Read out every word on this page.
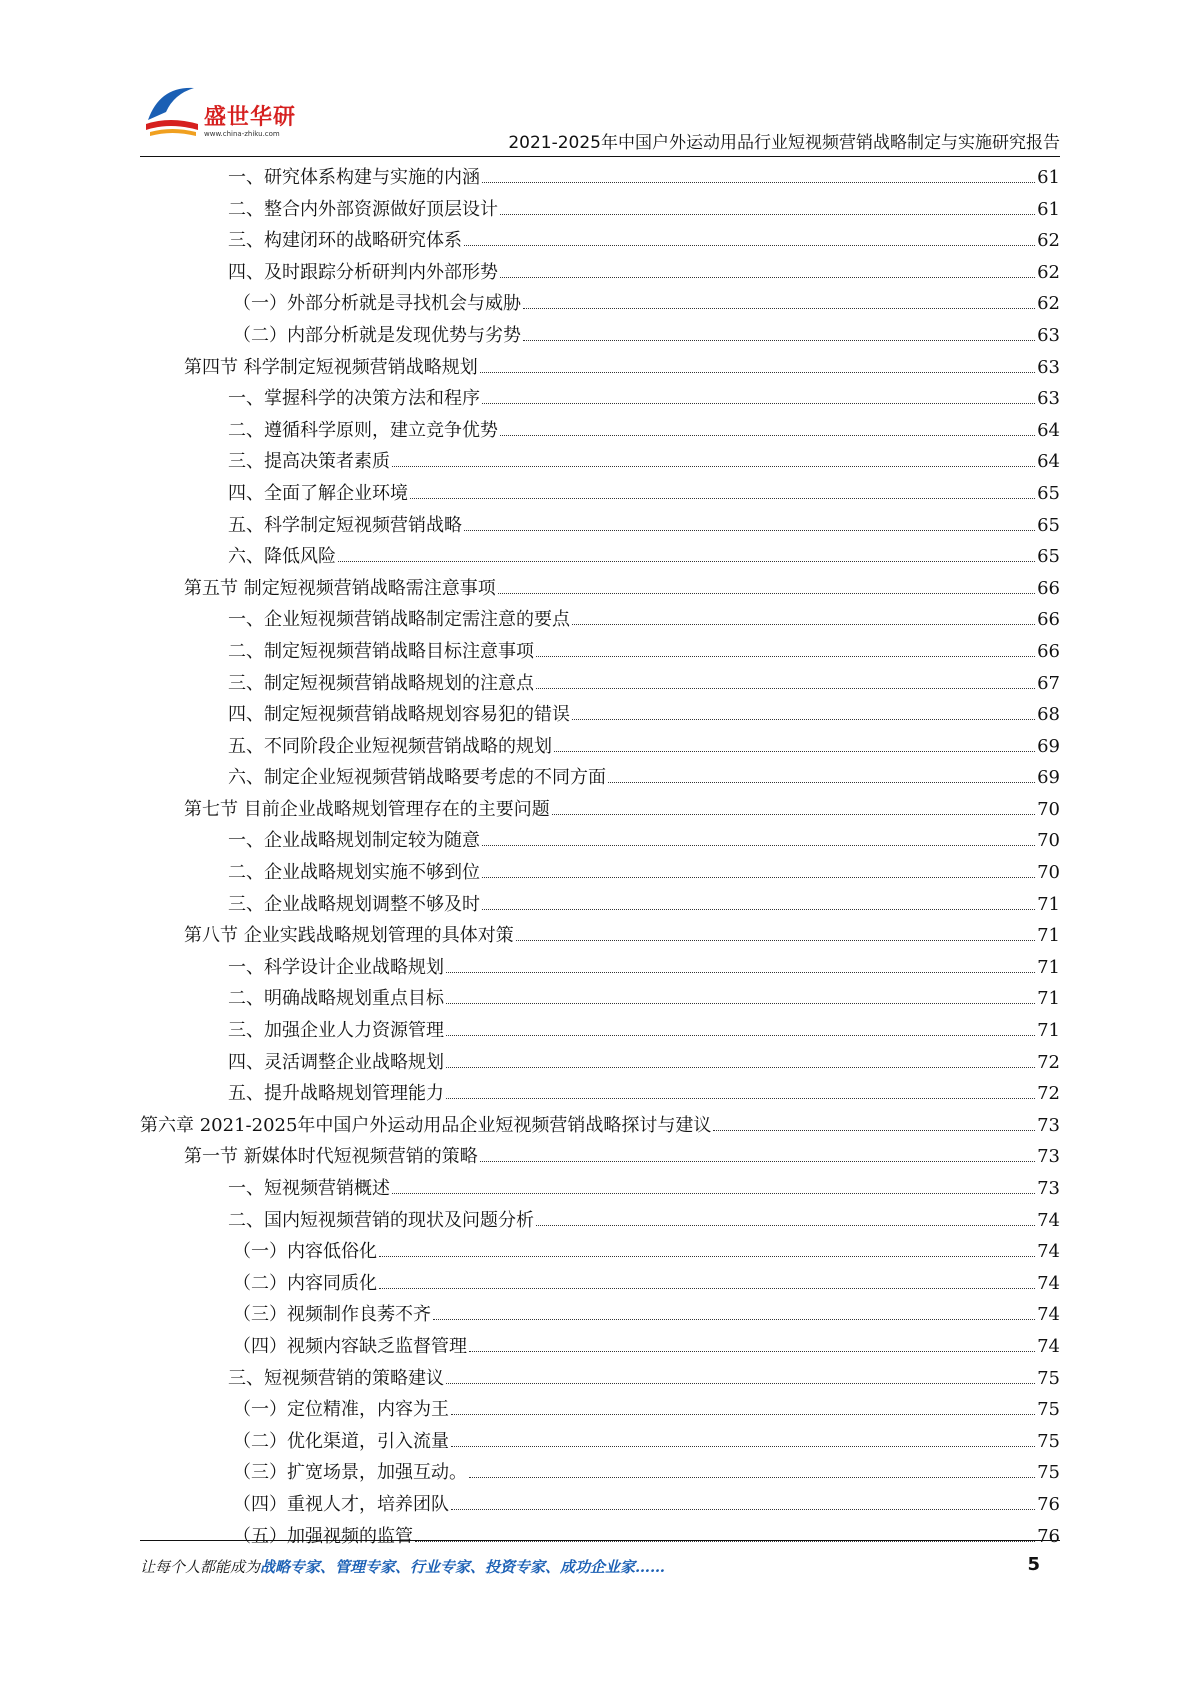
盛世华研
www.china-zhiku.com	2021-2025年中国户外运动用品行业短视频营销战略制定与实施研究报告
一、研究体系构建与实施的内涵	61
二、整合内外部资源做好顶层设计	61
三、构建闭环的战略研究体系	62
四、及时跟踪分析研判内外部形势	62
（一）外部分析就是寻找机会与威胁	62
（二）内部分析就是发现优势与劣势	63
第四节 科学制定短视频营销战略规划	63
一、掌握科学的决策方法和程序	63
二、遵循科学原则，建立竞争优势	64
三、提高决策者素质	64
四、全面了解企业环境	65
五、科学制定短视频营销战略	65
六、降低风险	65
第五节 制定短视频营销战略需注意事项	66
一、企业短视频营销战略制定需注意的要点	66
二、制定短视频营销战略目标注意事项	66
三、制定短视频营销战略规划的注意点	67
四、制定短视频营销战略规划容易犯的错误	68
五、不同阶段企业短视频营销战略的规划	69
六、制定企业短视频营销战略要考虑的不同方面	69
第七节 目前企业战略规划管理存在的主要问题	70
一、企业战略规划制定较为随意	70
二、企业战略规划实施不够到位	70
三、企业战略规划调整不够及时	71
第八节 企业实践战略规划管理的具体对策	71
一、科学设计企业战略规划	71
二、明确战略规划重点目标	71
三、加强企业人力资源管理	71
四、灵活调整企业战略规划	72
五、提升战略规划管理能力	72
第六章 2021-2025年中国户外运动用品企业短视频营销战略探讨与建议	73
第一节 新媒体时代短视频营销的策略	73
一、短视频营销概述	73
二、国内短视频营销的现状及问题分析	74
（一）内容低俗化	74
（二）内容同质化	74
（三）视频制作良莠不齐	74
（四）视频内容缺乏监督管理	74
三、短视频营销的策略建议	75
（一）定位精准，内容为王	75
（二）优化渠道，引入流量	75
（三）扩宽场景，加强互动。	75
（四）重视人才，培养团队	76
（五）加强视频的监管	76
让每个人都能成为战略专家、管理专家、行业专家、投资专家、成功企业家……	5
